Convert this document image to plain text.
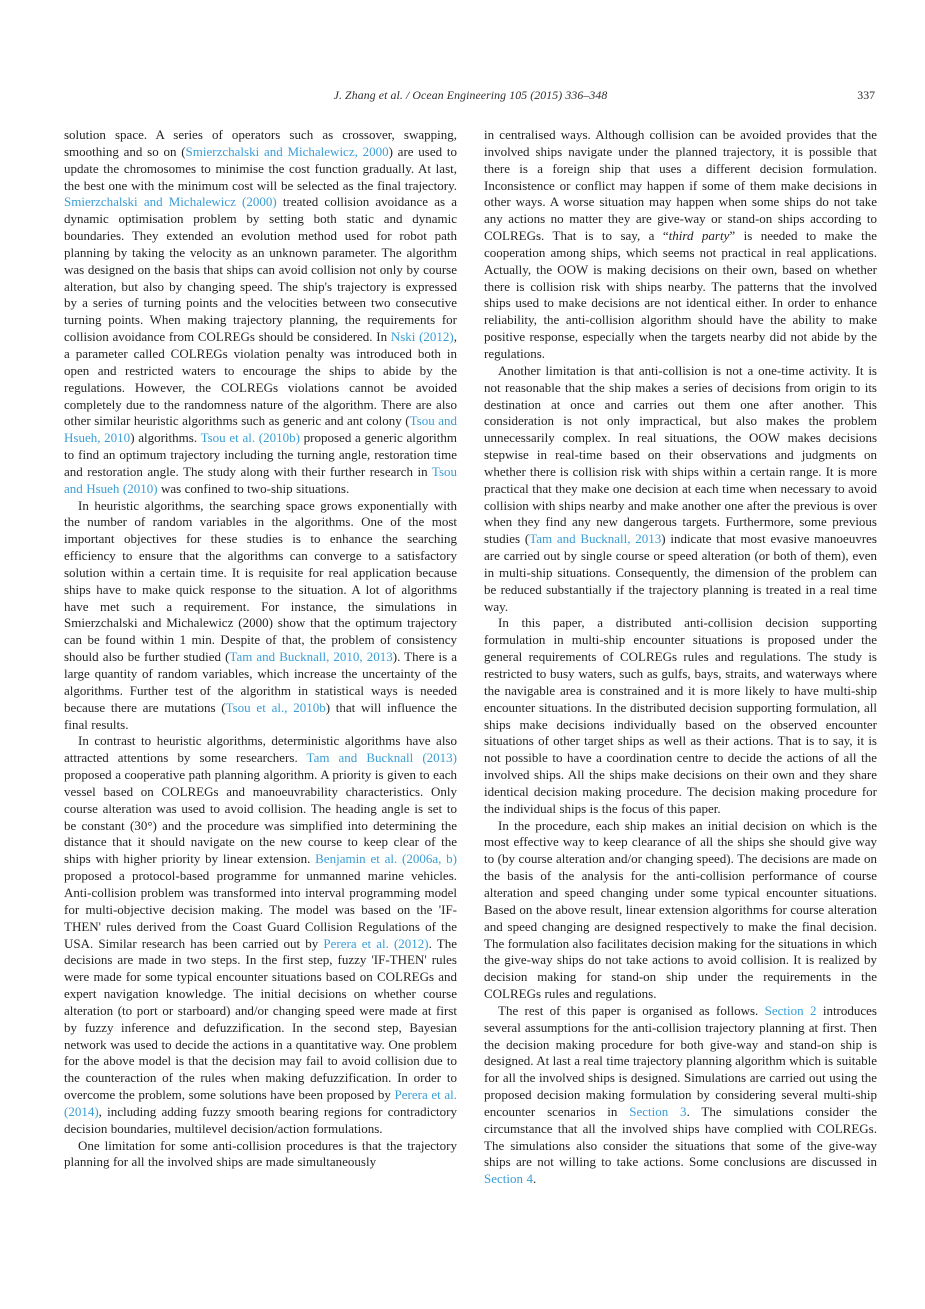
J. Zhang et al. / Ocean Engineering 105 (2015) 336–348	337

solution space. A series of operators such as crossover, swapping, smoothing and so on (Smierzchalski and Michalewicz, 2000) are used to update the chromosomes to minimise the cost function gradually. At last, the best one with the minimum cost will be selected as the final trajectory. Smierzchalski and Michalewicz (2000) treated collision avoidance as a dynamic optimisation problem by setting both static and dynamic boundaries. They extended an evolution method used for robot path planning by taking the velocity as an unknown parameter. The algorithm was designed on the basis that ships can avoid collision not only by course alteration, but also by changing speed. The ship's trajectory is expressed by a series of turning points and the velocities between two consecutive turning points. When making trajectory planning, the requirements for collision avoidance from COLREGs should be considered. In Nski (2012), a parameter called COLREGs violation penalty was introduced both in open and restricted waters to encourage the ships to abide by the regulations. However, the COLREGs violations cannot be avoided completely due to the randomness nature of the algorithm. There are also other similar heuristic algorithms such as generic and ant colony (Tsou and Hsueh, 2010) algorithms. Tsou et al. (2010b) proposed a generic algorithm to find an optimum trajectory including the turning angle, restoration time and restoration angle. The study along with their further research in Tsou and Hsueh (2010) was confined to two-ship situations.

In heuristic algorithms, the searching space grows exponentially with the number of random variables in the algorithms. One of the most important objectives for these studies is to enhance the searching efficiency to ensure that the algorithms can converge to a satisfactory solution within a certain time. It is requisite for real application because ships have to make quick response to the situation. A lot of algorithms have met such a requirement. For instance, the simulations in Smierzchalski and Michalewicz (2000) show that the optimum trajectory can be found within 1 min. Despite of that, the problem of consistency should also be further studied (Tam and Bucknall, 2010, 2013). There is a large quantity of random variables, which increase the uncertainty of the algorithms. Further test of the algorithm in statistical ways is needed because there are mutations (Tsou et al., 2010b) that will influence the final results.

In contrast to heuristic algorithms, deterministic algorithms have also attracted attentions by some researchers. Tam and Bucknall (2013) proposed a cooperative path planning algorithm. A priority is given to each vessel based on COLREGs and manoeuvrability characteristics. Only course alteration was used to avoid collision. The heading angle is set to be constant (30°) and the procedure was simplified into determining the distance that it should navigate on the new course to keep clear of the ships with higher priority by linear extension. Benjamin et al. (2006a, b) proposed a protocol-based programme for unmanned marine vehicles. Anti-collision problem was transformed into interval programming model for multi-objective decision making. The model was based on the 'IF-THEN' rules derived from the Coast Guard Collision Regulations of the USA. Similar research has been carried out by Perera et al. (2012). The decisions are made in two steps. In the first step, fuzzy 'IF-THEN' rules were made for some typical encounter situations based on COLREGs and expert navigation knowledge. The initial decisions on whether course alteration (to port or starboard) and/or changing speed were made at first by fuzzy inference and defuzzification. In the second step, Bayesian network was used to decide the actions in a quantitative way. One problem for the above model is that the decision may fail to avoid collision due to the counteraction of the rules when making defuzzification. In order to overcome the problem, some solutions have been proposed by Perera et al. (2014), including adding fuzzy smooth bearing regions for contradictory decision boundaries, multilevel decision/action formulations.

One limitation for some anti-collision procedures is that the trajectory planning for all the involved ships are made simultaneously

in centralised ways. Although collision can be avoided provides that the involved ships navigate under the planned trajectory, it is possible that there is a foreign ship that uses a different decision formulation. Inconsistence or conflict may happen if some of them make decisions in other ways. A worse situation may happen when some ships do not take any actions no matter they are give-way or stand-on ships according to COLREGs. That is to say, a “third party” is needed to make the cooperation among ships, which seems not practical in real applications. Actually, the OOW is making decisions on their own, based on whether there is collision risk with ships nearby. The patterns that the involved ships used to make decisions are not identical either. In order to enhance reliability, the anti-collision algorithm should have the ability to make positive response, especially when the targets nearby did not abide by the regulations.

Another limitation is that anti-collision is not a one-time activity. It is not reasonable that the ship makes a series of decisions from origin to its destination at once and carries out them one after another. This consideration is not only impractical, but also makes the problem unnecessarily complex. In real situations, the OOW makes decisions stepwise in real-time based on their observations and judgments on whether there is collision risk with ships within a certain range. It is more practical that they make one decision at each time when necessary to avoid collision with ships nearby and make another one after the previous is over when they find any new dangerous targets. Furthermore, some previous studies (Tam and Bucknall, 2013) indicate that most evasive manoeuvres are carried out by single course or speed alteration (or both of them), even in multi-ship situations. Consequently, the dimension of the problem can be reduced substantially if the trajectory planning is treated in a real time way.

In this paper, a distributed anti-collision decision supporting formulation in multi-ship encounter situations is proposed under the general requirements of COLREGs rules and regulations. The study is restricted to busy waters, such as gulfs, bays, straits, and waterways where the navigable area is constrained and it is more likely to have multi-ship encounter situations. In the distributed decision supporting formulation, all ships make decisions individually based on the observed encounter situations of other target ships as well as their actions. That is to say, it is not possible to have a coordination centre to decide the actions of all the involved ships. All the ships make decisions on their own and they share identical decision making procedure. The decision making procedure for the individual ships is the focus of this paper.

In the procedure, each ship makes an initial decision on which is the most effective way to keep clearance of all the ships she should give way to (by course alteration and/or changing speed). The decisions are made on the basis of the analysis for the anti-collision performance of course alteration and speed changing under some typical encounter situations. Based on the above result, linear extension algorithms for course alteration and speed changing are designed respectively to make the final decision. The formulation also facilitates decision making for the situations in which the give-way ships do not take actions to avoid collision. It is realized by decision making for stand-on ship under the requirements in the COLREGs rules and regulations.

The rest of this paper is organised as follows. Section 2 introduces several assumptions for the anti-collision trajectory planning at first. Then the decision making procedure for both give-way and stand-on ship is designed. At last a real time trajectory planning algorithm which is suitable for all the involved ships is designed. Simulations are carried out using the proposed decision making formulation by considering several multi-ship encounter scenarios in Section 3. The simulations consider the circumstance that all the involved ships have complied with COLREGs. The simulations also consider the situations that some of the give-way ships are not willing to take actions. Some conclusions are discussed in Section 4.
